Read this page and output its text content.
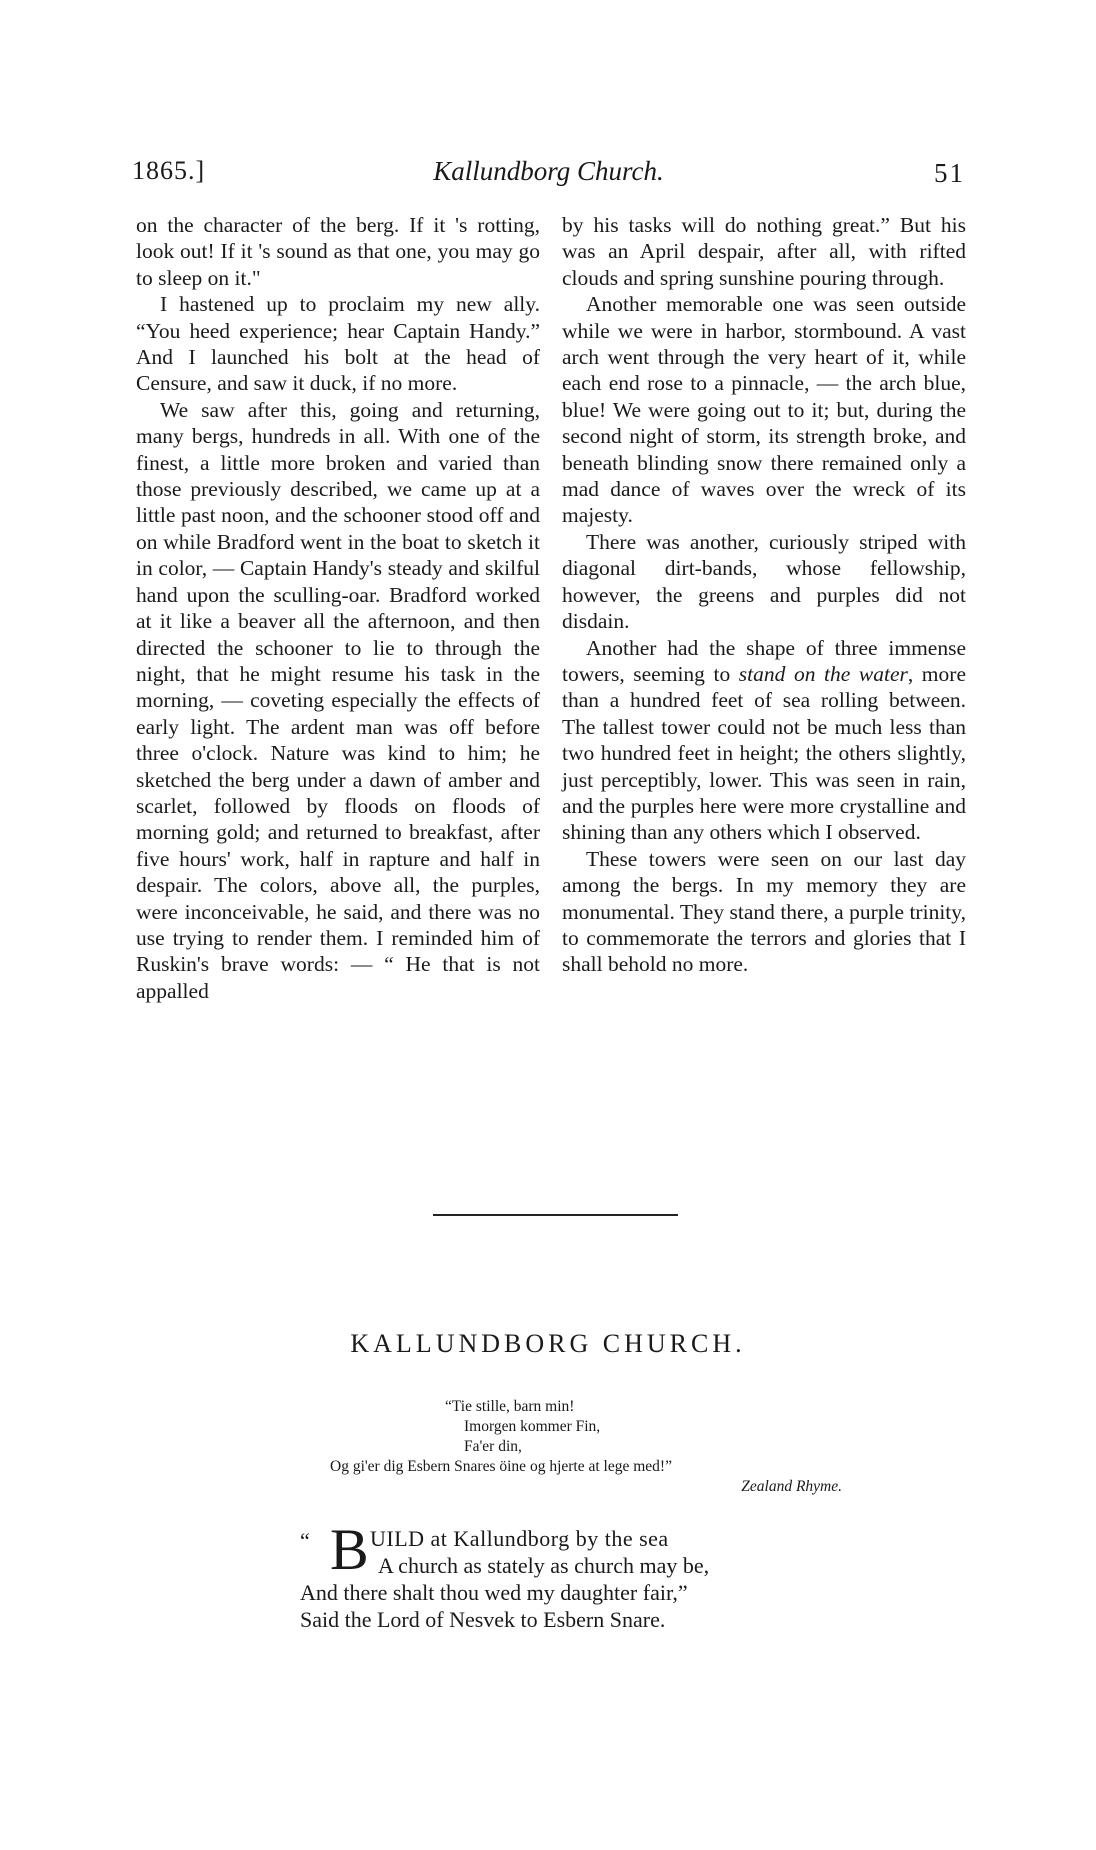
1865.]	Kallundborg Church.	51

on the character of the berg. If it 's rotting, look out! If it 's sound as that one, you may go to sleep on it."

I hastened up to proclaim my new ally. “You heed experience; hear Captain Handy.” And I launched his bolt at the head of Censure, and saw it duck, if no more.

We saw after this, going and returning, many bergs, hundreds in all. With one of the finest, a little more broken and varied than those previously described, we came up at a little past noon, and the schooner stood off and on while Bradford went in the boat to sketch it in color, — Captain Handy's steady and skilful hand upon the sculling-oar. Bradford worked at it like a beaver all the afternoon, and then directed the schooner to lie to through the night, that he might resume his task in the morning, — coveting especially the effects of early light. The ardent man was off before three o'clock. Nature was kind to him; he sketched the berg under a dawn of amber and scarlet, followed by floods on floods of morning gold; and returned to breakfast, after five hours' work, half in rapture and half in despair. The colors, above all, the purples, were inconceivable, he said, and there was no use trying to render them. I reminded him of Ruskin's brave words: — “ He that is not appalled

by his tasks will do nothing great.” But his was an April despair, after all, with rifted clouds and spring sunshine pouring through.

Another memorable one was seen outside while we were in harbor, stormbound. A vast arch went through the very heart of it, while each end rose to a pinnacle, — the arch blue, blue! We were going out to it; but, during the second night of storm, its strength broke, and beneath blinding snow there remained only a mad dance of waves over the wreck of its majesty.

There was another, curiously striped with diagonal dirt-bands, whose fellowship, however, the greens and purples did not disdain.

Another had the shape of three immense towers, seeming to stand on the water, more than a hundred feet of sea rolling between. The tallest tower could not be much less than two hundred feet in height; the others slightly, just perceptibly, lower. This was seen in rain, and the purples here were more crystalline and shining than any others which I observed.

These towers were seen on our last day among the bergs. In my memory they are monumental. They stand there, a purple trinity, to commemorate the terrors and glories that I shall behold no more.

KALLUNDBORG CHURCH.
“Tie stille, barn min!
Imorgen kommer Fin,
Fa'er din,
Og gi'er dig Esbern Snares öine og hjerte at lege med!”
Zealand Rhyme.
“ B UILD at Kallundborg by the sea
A church as stately as church may be,
And there shalt thou wed my daughter fair,”
Said the Lord of Nesvek to Esbern Snare.
